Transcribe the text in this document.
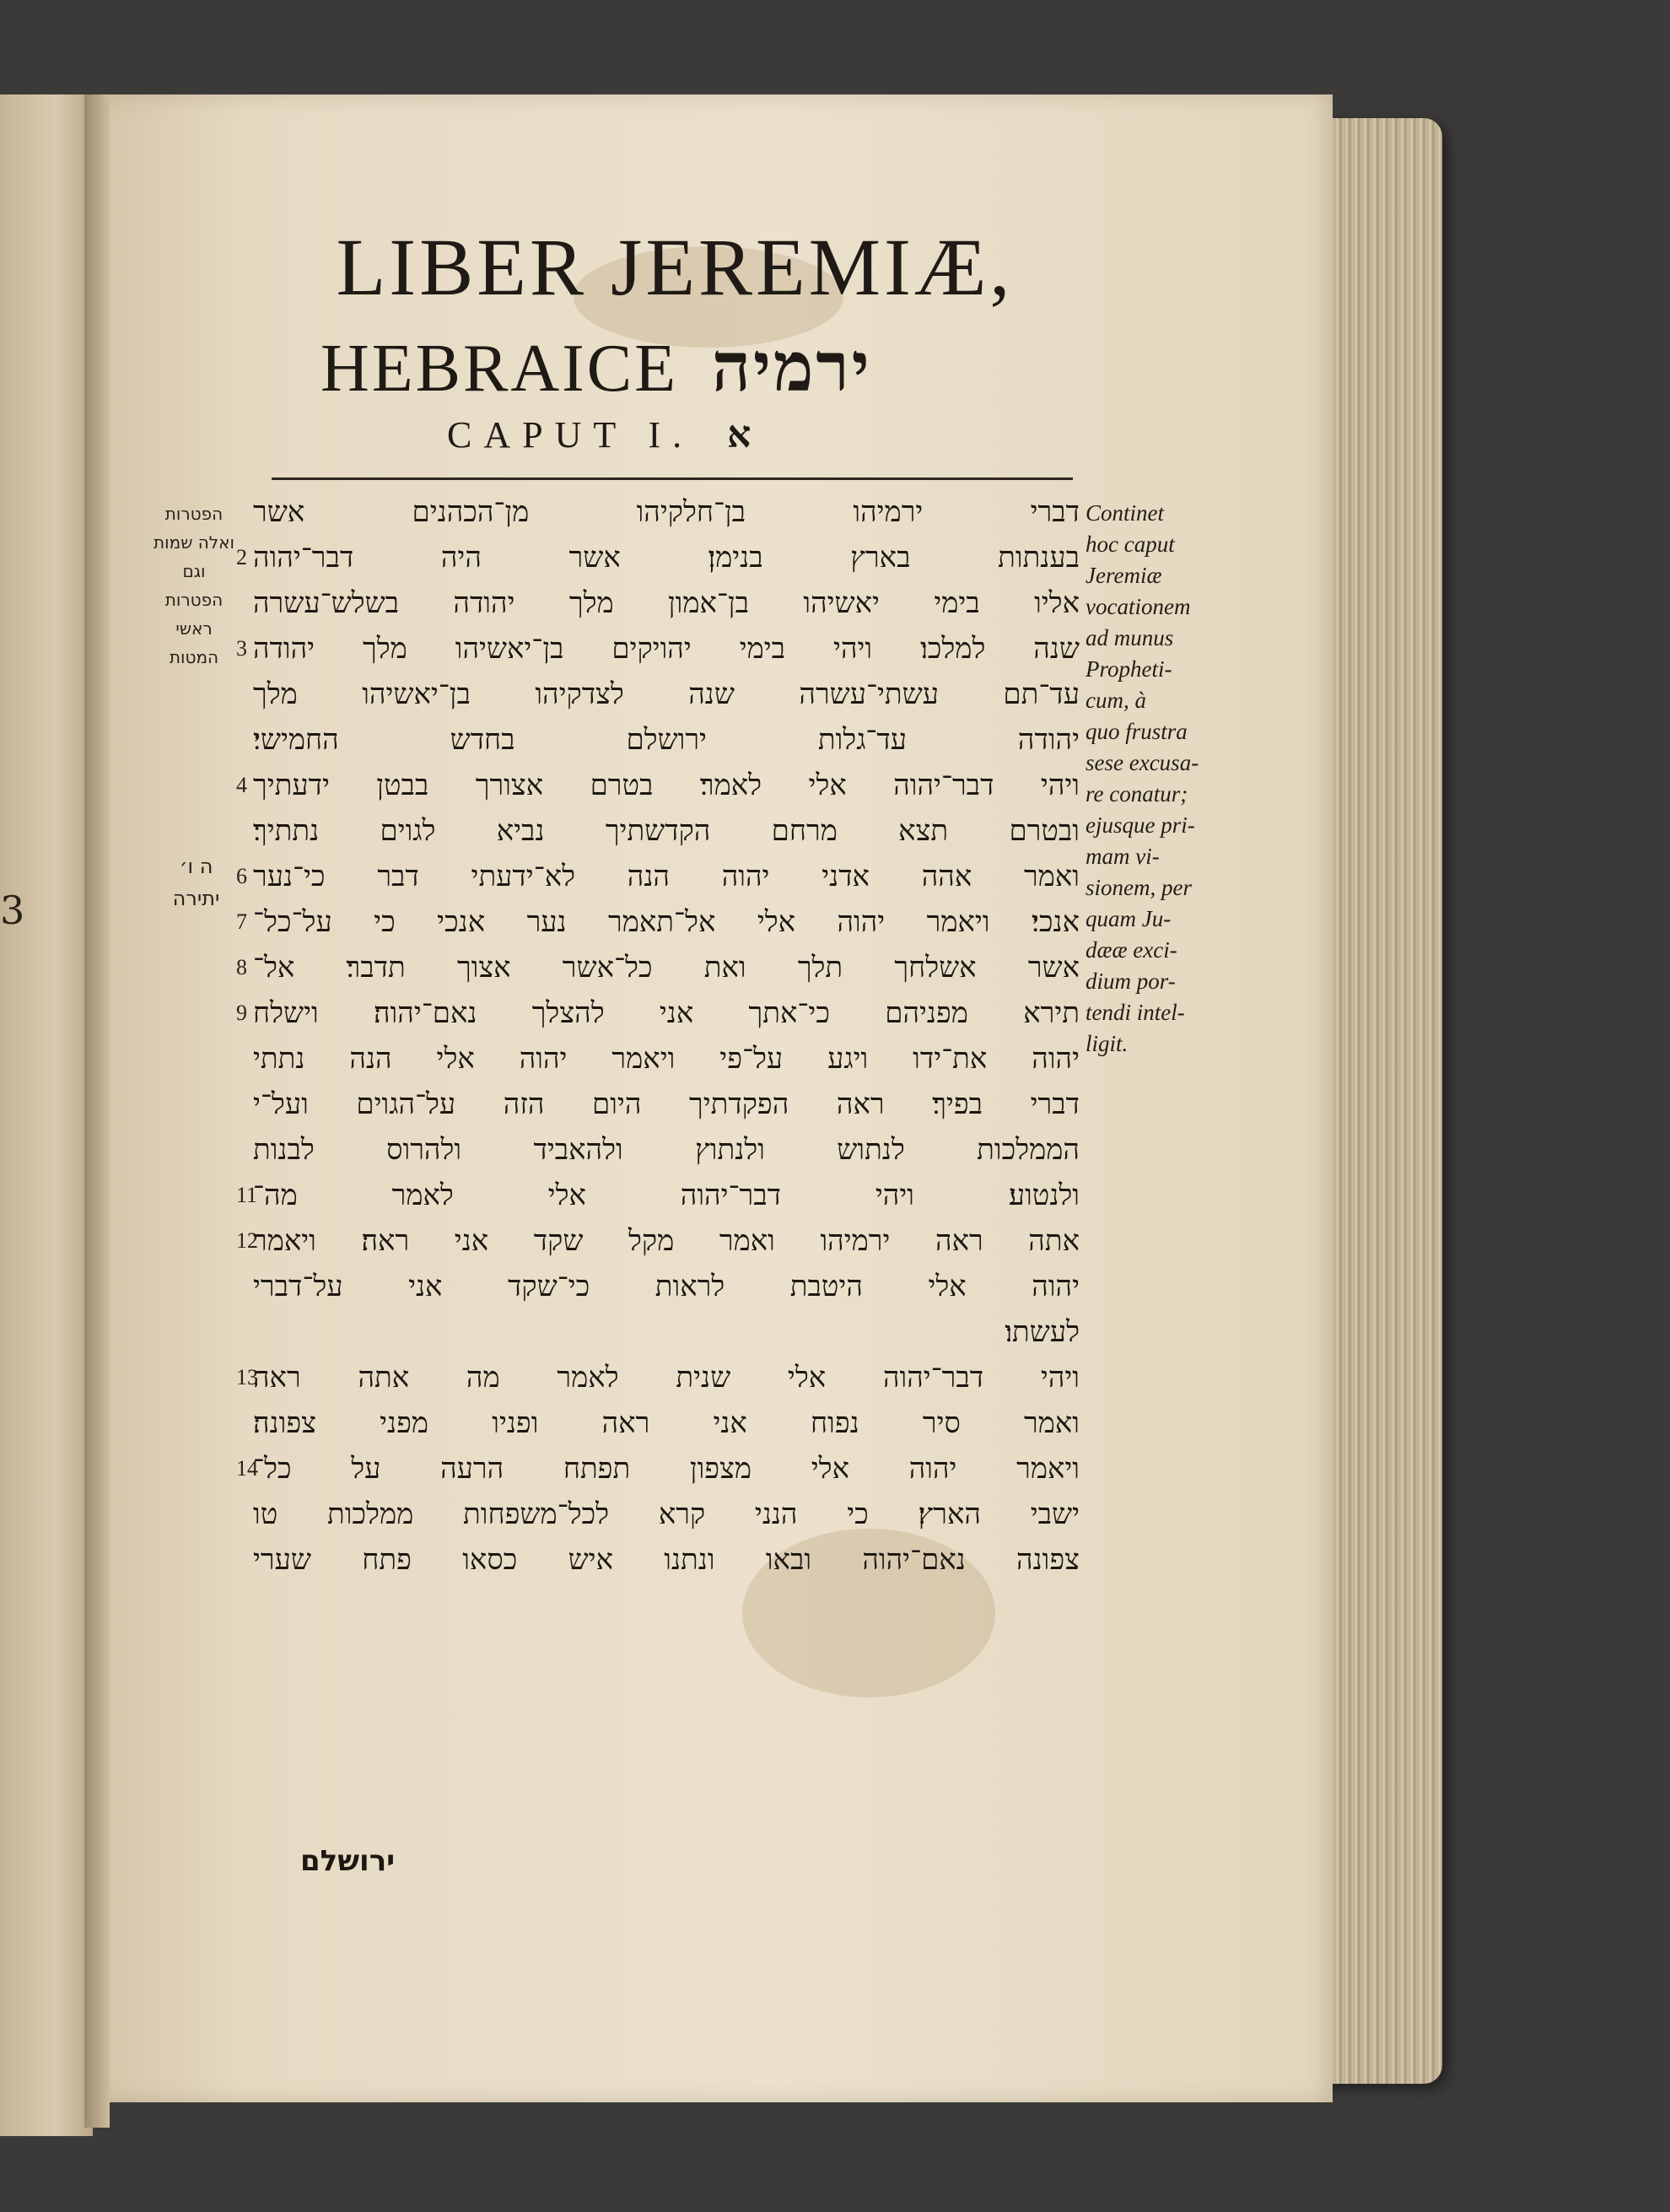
3
הפטרות
ואלה שמות
וגם
הפטרות
ראשי
המטות
ה ו׳
יתירה
LIBER JEREMIÆ,
HEBRAICE ירמיה
CAPUT I. א
דברי ירמיהו בן־חלקיהו מן־הכהנים אשר
בענתות בארץ בנימן׃ אשר היה דבר־יהוה
2
אליו בימי יאשיהו בן־אמון מלך יהודה בשלש־עשרה
שנה למלכו׃ ויהי בימי יהויקים בן־יאשיהו מלך יהודה
3
עד־תם עשתי־עשרה שנה לצדקיהו בן־יאשיהו מלך
יהודה עד־גלות ירושלם בחדש החמישי׃
ויהי דבר־יהוה אלי לאמר׃ בטרם אצורך בבטן ידעתיך
4
ובטרם תצא מרחם הקדשתיך נביא לגוים נתתיך׃
ואמר אהה אדני יהוה הנה לא־ידעתי דבר כי־נער
6
אנכי׃ ויאמר יהוה אלי אל־תאמר נער אנכי כי על־כל־
7
אשר אשלחך תלך ואת כל־אשר אצוך תדבר׃ אל־
8
תירא מפניהם כי־אתך אני להצלך נאם־יהוה׃ וישלח
9
יהוה את־ידו ויגע על־פי ויאמר יהוה אלי הנה נתתי
דברי בפיך׃ ראה הפקדתיך היום הזה על־הגוים ועל־י
הממלכות לנתוש ולנתוץ ולהאביד ולהרוס לבנות
ולנטוע׃ ויהי דבר־יהוה אלי לאמר מה־
11
אתה ראה ירמיהו ואמר מקל שקד אני ראה׃ ויאמר
12
יהוה אלי היטבת לראות כי־שקד אני על־דברי
לעשתו׃
ויהי דבר־יהוה אלי שנית לאמר מה אתה ראה
13
ואמר סיר נפוח אני ראה ופניו מפני צפונה׃
ויאמר יהוה אלי מצפון תפתח הרעה על כל־
14
ישבי הארץ׃ כי הנני קרא לכל־משפחות ממלכות טו
צפונה נאם־יהוה ובאו ונתנו איש כסאו פתח שערי
ירושלם
Continet
hoc caput
Jeremiæ
vocationem
ad munus
Propheti-
cum, à
quo frustra
sese excusa-
re conatur;
ejusque pri-
mam vi-
sionem, per
quam Ju-
dææ exci-
dium por-
tendi intel-
ligit.
